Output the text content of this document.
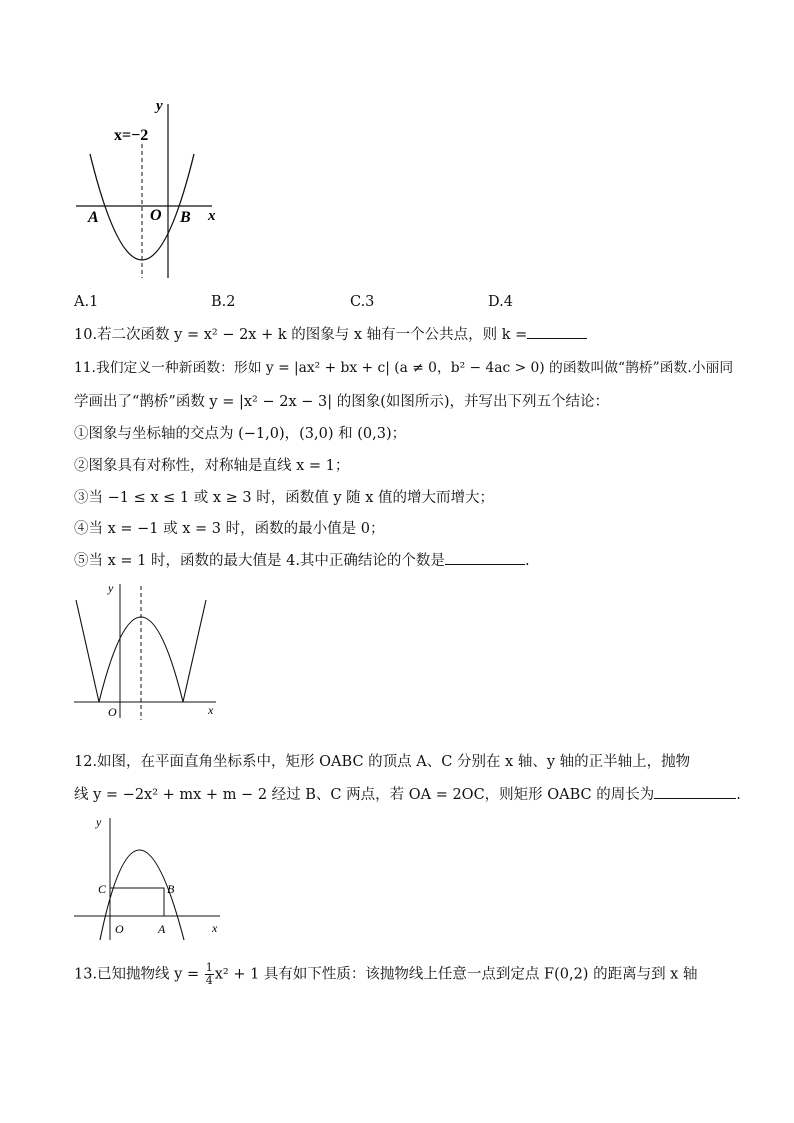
y
x=−2
A	O B x
A.1	B.2	C.3	D.4
10.若二次函数 y = x² − 2x + k 的图象与 x 轴有一个公共点，则 k =
11.我们定义一种新函数：形如 y = |ax² + bx + c| (a ≠ 0，b² − 4ac > 0) 的函数叫做“鹊桥”函数.小丽同
学画出了“鹊桥”函数 y = |x² − 2x − 3| 的图象(如图所示)，并写出下列五个结论：
①图象与坐标轴的交点为 (−1,0)，(3,0) 和 (0,3)；
②图象具有对称性，对称轴是直线 x = 1；
③当 −1 ≤ x ≤ 1 或 x ≥ 3 时，函数值 y 随 x 值的增大而增大；
④当 x = −1 或 x = 3 时，函数的最小值是 0；
⑤当 x = 1 时，函数的最大值是 4.其中正确结论的个数是	.
y
O	x
12.如图，在平面直角坐标系中，矩形 OABC 的顶点 A、C 分别在 x 轴、y 轴的正半轴上，抛物
线 y = −2x² + mx + m − 2 经过 B、C 两点，若 OA = 2OC，则矩形 OABC 的周长为	.
y
C	B
O	A	x
13.已知抛物线 $y = \frac{1}{4} x^2 + 1$ 具有如下性质：该抛物线上任意一点到定点 F(0,2) 的距离与到 x 轴
